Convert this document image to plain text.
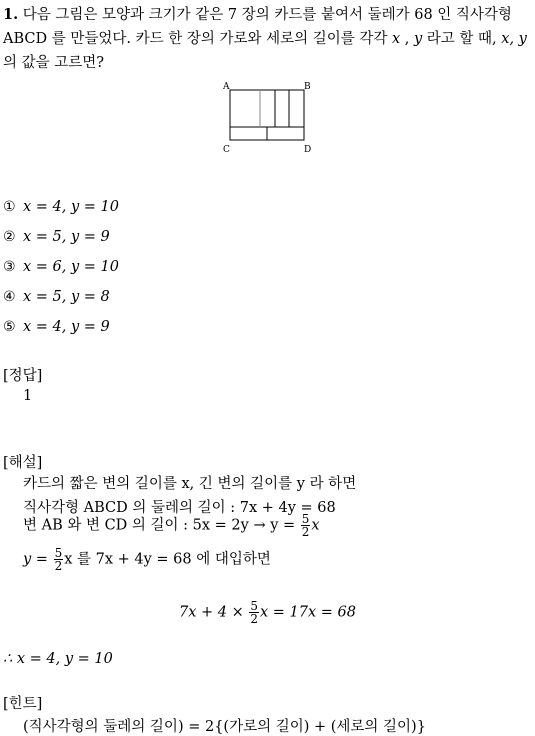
1. 다음 그림은 모양과 크기가 같은 7 장의 카드를 붙여서 둘레가 68 인 직사각형 ABCD 를 만들었다. 카드 한 장의 가로와 세로의 길이를 각각 x , y 라고 할 때, x, y의 값을 고르면?
A	B
C	D
① x = 4, y = 10
② x = 5, y = 9
③ x = 6, y = 10
④ x = 5, y = 8
⑤ x = 4, y = 9
[정답]
1
[해설]
카드의 짧은 변의 길이를 x, 긴 변의 길이를 y 라 하면
직사각형 ABCD 의 둘레의 길이 : 7x + 4y = 68
변 AB 와 변 CD 의 길이 : $5x = 2y \to y = \frac{5}{2}$ x
$y = \frac{5}{2}$ x 를 7x + 4y = 68 에 대입하면
$7x + 4 \times \frac{5}{2}$ x = 17x = 68
∴ x = 4, y = 10
[힌트]
(직사각형의 둘레의 길이) = 2{(가로의 길이) + (세로의 길이)}
